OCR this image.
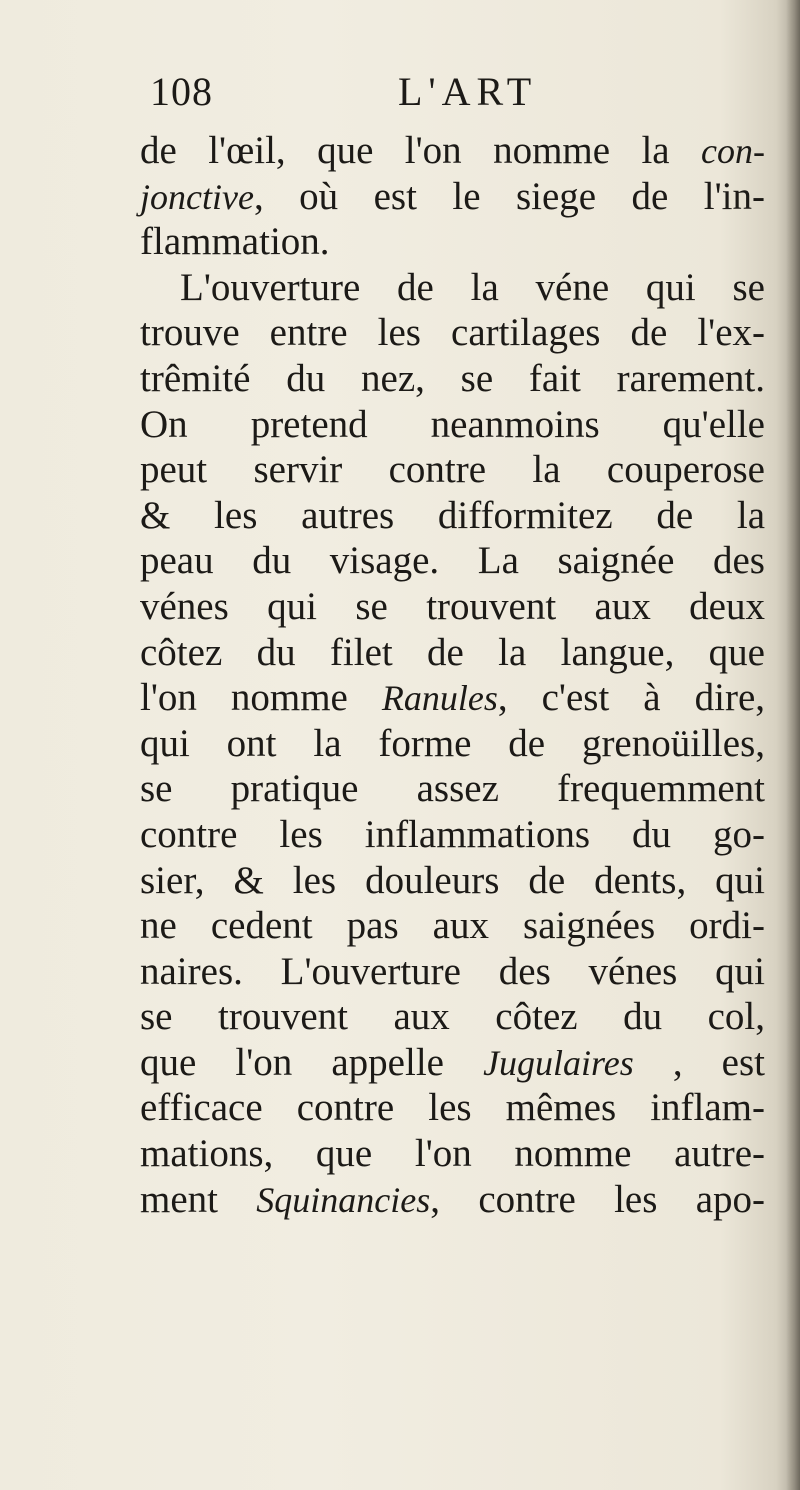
108	L'ART
de l'œil, que l'on nomme la con-
jonctive, où est le siege de l'in-
flammation.
L'ouverture de la véne qui se
trouve entre les cartilages de l'ex-
trêmité du nez, se fait rarement.
On pretend neanmoins qu'elle
peut servir contre la couperose
& les autres difformitez de la
peau du visage. La saignée des
vénes qui se trouvent aux deux
côtez du filet de la langue, que
l'on nomme Ranules, c'est à dire,
qui ont la forme de grenoüilles,
se pratique assez frequemment
contre les inflammations du go-
sier, & les douleurs de dents, qui
ne cedent pas aux saignées ordi-
naires. L'ouverture des vénes qui
se trouvent aux côtez du col,
que l'on appelle Jugulaires , est
efficace contre les mêmes inflam-
mations, que l'on nomme autre-
ment Squinancies, contre les apo-
